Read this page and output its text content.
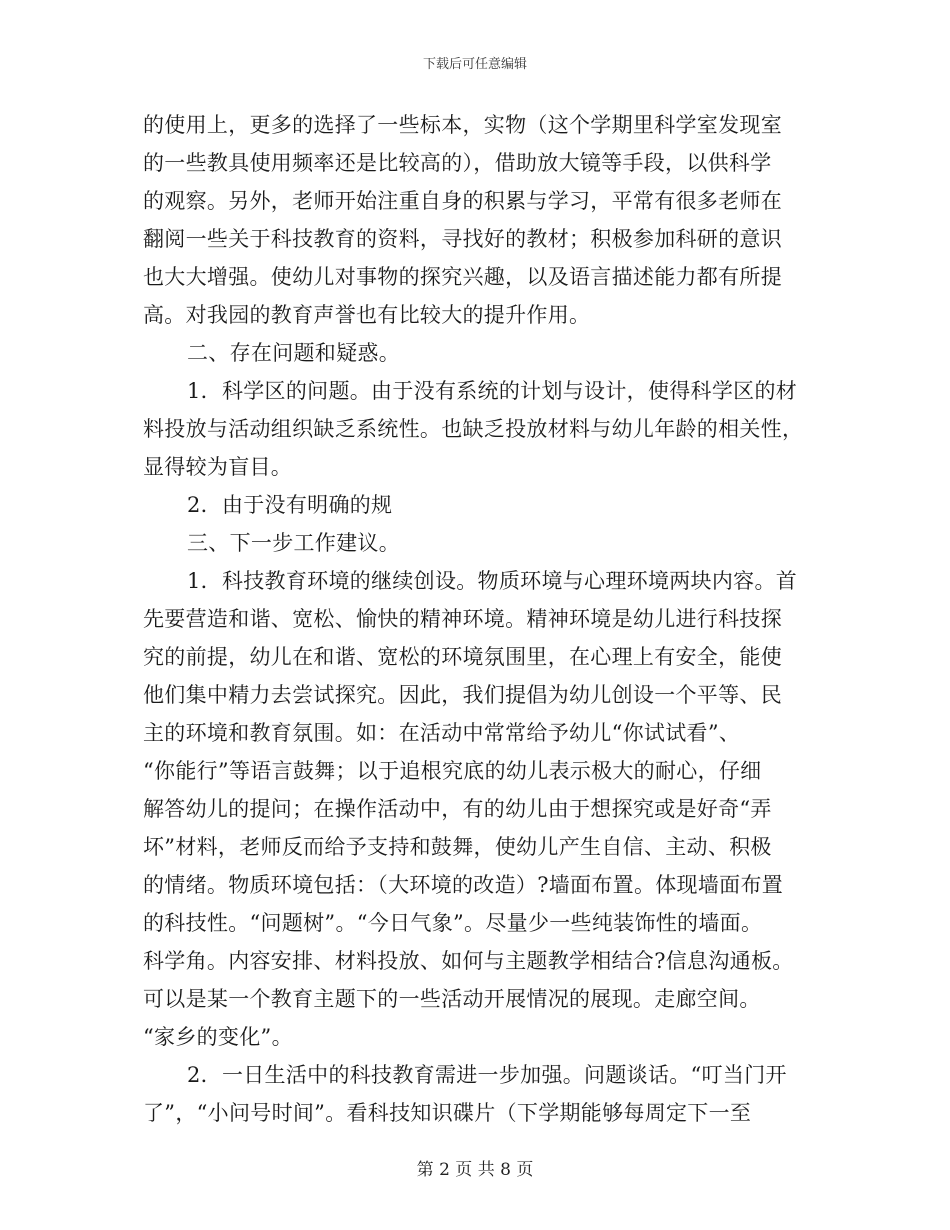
下载后可任意编辑
的使用上，更多的选择了一些标本，实物（这个学期里科学室发现室
的一些教具使用频率还是比较高的），借助放大镜等手段，以供科学
的观察。另外，老师开始注重自身的积累与学习，平常有很多老师在
翻阅一些关于科技教育的资料，寻找好的教材；积极参加科研的意识
也大大增强。使幼儿对事物的探究兴趣，以及语言描述能力都有所提
高。对我园的教育声誉也有比较大的提升作用。
二、存在问题和疑惑。
1．科学区的问题。由于没有系统的计划与设计，使得科学区的材
料投放与活动组织缺乏系统性。也缺乏投放材料与幼儿年龄的相关性，
显得较为盲目。
2．由于没有明确的规
三、下一步工作建议。
1．科技教育环境的继续创设。物质环境与心理环境两块内容。首
先要营造和谐、宽松、愉快的精神环境。精神环境是幼儿进行科技探
究的前提，幼儿在和谐、宽松的环境氛围里，在心理上有安全，能使
他们集中精力去尝试探究。因此，我们提倡为幼儿创设一个平等、民
主的环境和教育氛围。如：在活动中常常给予幼儿“你试试看”、
“你能行”等语言鼓舞；以于追根究底的幼儿表示极大的耐心，仔细
解答幼儿的提问；在操作活动中，有的幼儿由于想探究或是好奇“弄
坏”材料，老师反而给予支持和鼓舞，使幼儿产生自信、主动、积极
的情绪。物质环境包括：（大环境的改造）?墙面布置。体现墙面布置
的科技性。“问题树”。“今日气象”。尽量少一些纯装饰性的墙面。
科学角。内容安排、材料投放、如何与主题教学相结合?信息沟通板。
可以是某一个教育主题下的一些活动开展情况的展现。走廊空间。
“家乡的变化”。
2．一日生活中的科技教育需进一步加强。问题谈话。“叮当门开
了”，“小问号时间”。看科技知识碟片（下学期能够每周定下一至
第 2 页 共 8 页
